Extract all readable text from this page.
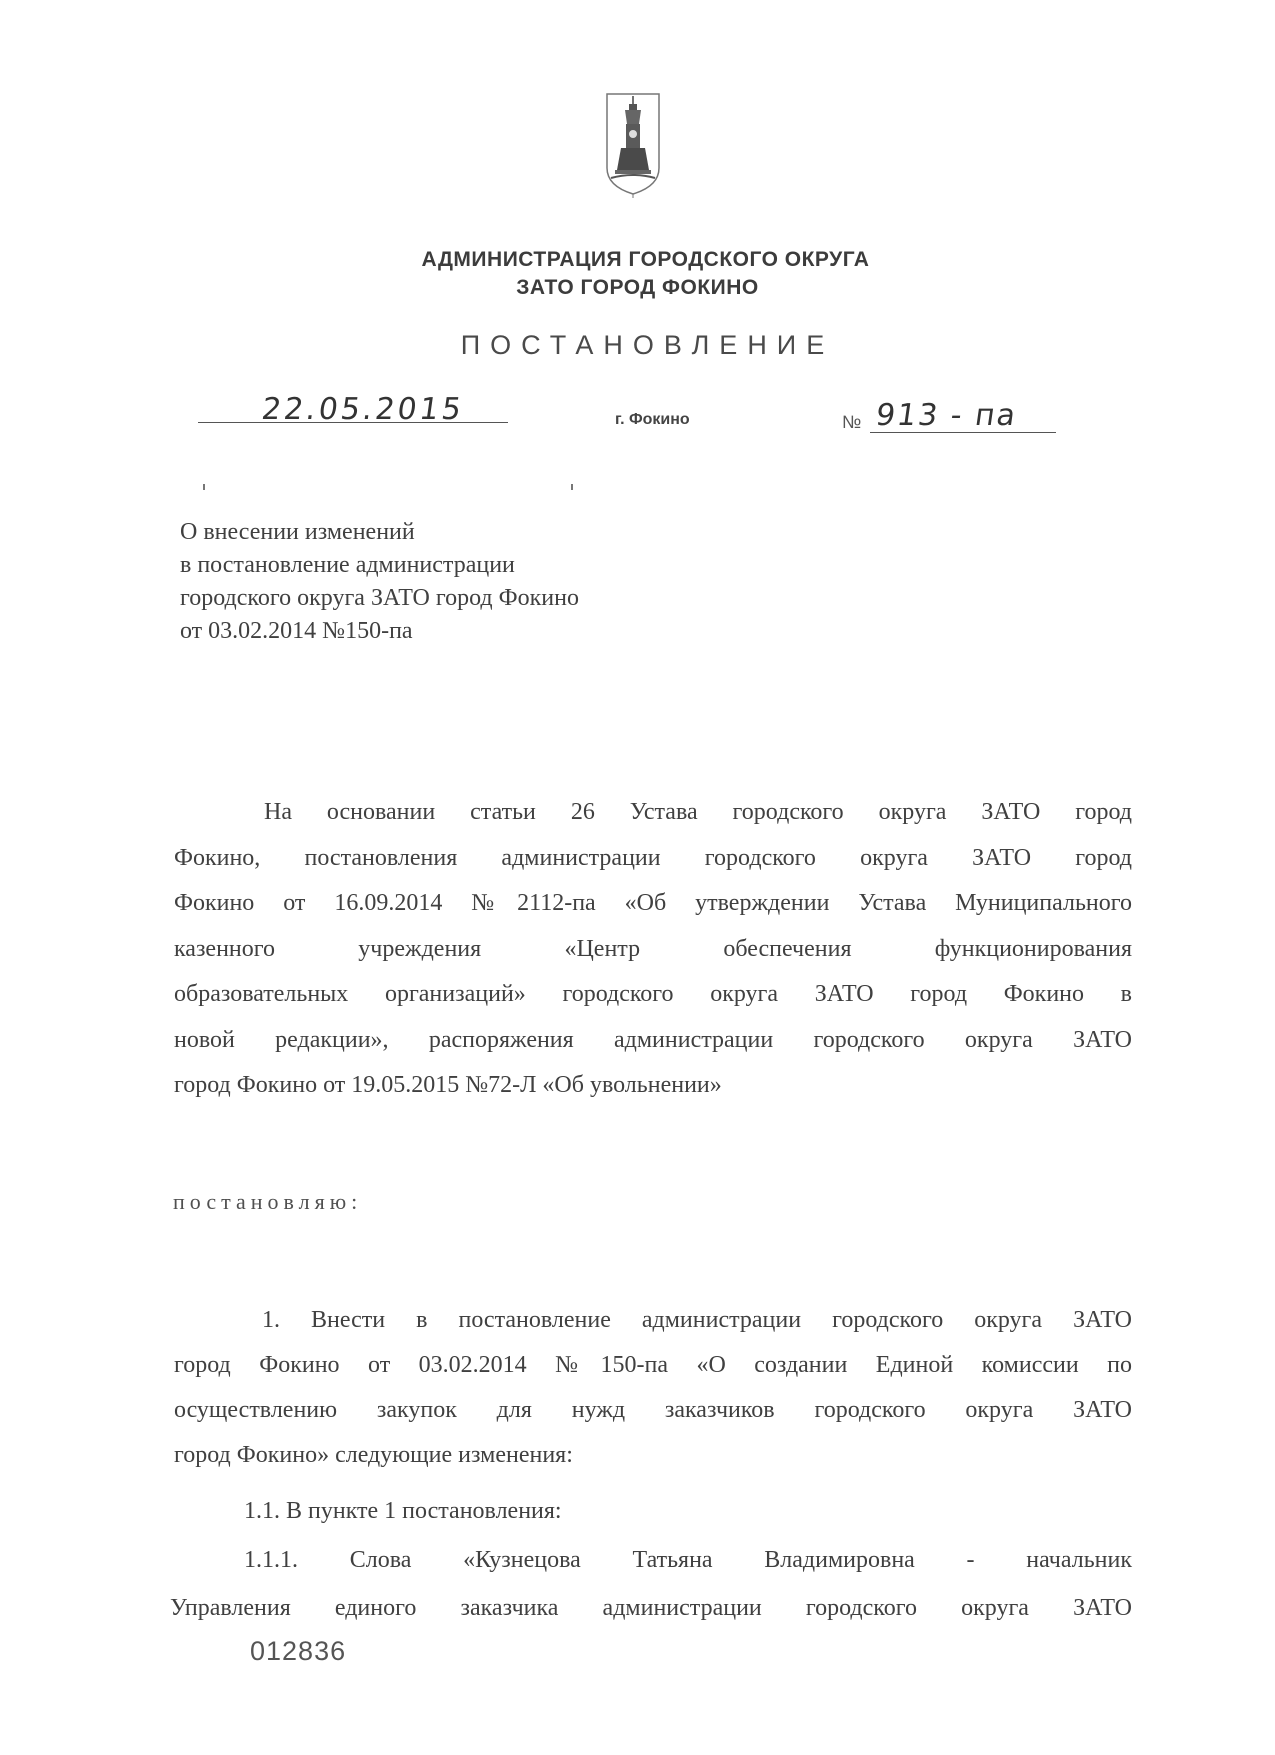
АДМИНИСТРАЦИЯ ГОРОДСКОГО ОКРУГА
ЗАТО ГОРОД ФОКИНО
ПОСТАНОВЛЕНИЕ
22.05.2015	г. Фокино	№ 913 - па
О внесении изменений
в постановление администрации
городского округа ЗАТО город Фокино
от 03.02.2014 №150-па
На основании статьи 26 Устава городского округа ЗАТО город
Фокино, постановления администрации городского округа ЗАТО город
Фокино от 16.09.2014 №2112-па «Об утверждении Устава Муниципального
казенного учреждения «Центр обеспечения функционирования
образовательных организаций» городского округа ЗАТО город Фокино в
новой редакции», распоряжения администрации городского округа ЗАТО
город Фокино от 19.05.2015 №72-Л «Об увольнении»
постановляю:
1. Внести в постановление администрации городского округа ЗАТО
город Фокино от 03.02.2014 №150-па «О создании Единой комиссии по
осуществлению закупок для нужд заказчиков городского округа ЗАТО
город Фокино» следующие изменения:
1.1. В пункте 1 постановления:
1.1.1. Слова «Кузнецова Татьяна Владимировна - начальник
Управления единого заказчика администрации городского округа ЗАТО
012836
